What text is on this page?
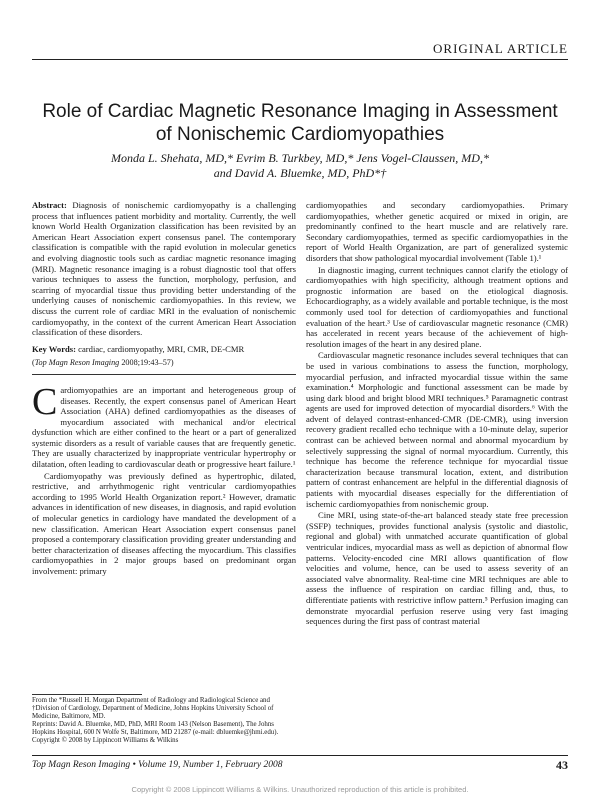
ORIGINAL ARTICLE
Role of Cardiac Magnetic Resonance Imaging in Assessment of Nonischemic Cardiomyopathies
Monda L. Shehata, MD,* Evrim B. Turkbey, MD,* Jens Vogel-Claussen, MD,*
and David A. Bluemke, MD, PhD*†

Abstract: Diagnosis of nonischemic cardiomyopathy is a challenging process that influences patient morbidity and mortality. Currently, the well known World Health Organization classification has been revisited by an American Heart Association expert consensus panel. The contemporary classification is compatible with the rapid evolution in molecular genetics and evolving diagnostic tools such as cardiac magnetic resonance imaging (MRI). Magnetic resonance imaging is a robust diagnostic tool that offers various techniques to assess the function, morphology, perfusion, and scarring of myocardial tissue thus providing better understanding of the underlying causes of nonischemic cardiomyopathies. In this review, we discuss the current role of cardiac MRI in the evaluation of nonischemic cardiomyopathy, in the context of the current American Heart Association classification of these disorders.

Key Words: cardiac, cardiomyopathy, MRI, CMR, DE-CMR

(Top Magn Reson Imaging 2008;19:43–57)

Cardiomyopathies are an important and heterogeneous group of diseases. Recently, the expert consensus panel of American Heart Association (AHA) defined cardiomyopathies as the diseases of myocardium associated with mechanical and/or electrical dysfunction which are either confined to the heart or a part of generalized systemic disorders as a result of variable causes that are frequently genetic. They are usually characterized by inappropriate ventricular hypertrophy or dilatation, often leading to cardiovascular death or progressive heart failure.¹

Cardiomyopathy was previously defined as hypertrophic, dilated, restrictive, and arrhythmogenic right ventricular cardiomyopathies according to 1995 World Health Organization report.² However, dramatic advances in identification of new diseases, in diagnosis, and rapid evolution of molecular genetics in cardiology have mandated the development of a new classification. American Heart Association expert consensus panel proposed a contemporary classification providing greater understanding and better characterization of diseases affecting the myocardium. This classifies cardiomyopathies in 2 major groups based on predominant organ involvement: primary

From the *Russell H. Morgan Department of Radiology and Radiological Science and †Division of Cardiology, Department of Medicine, Johns Hopkins University School of Medicine, Baltimore, MD.

Reprints: David A. Bluemke, MD, PhD, MRI Room 143 (Nelson Basement), The Johns Hopkins Hospital, 600 N Wolfe St, Baltimore, MD 21287 (e-mail: dbluemke@jhmi.edu).

Copyright © 2008 by Lippincott Williams & Wilkins

cardiomyopathies and secondary cardiomyopathies. Primary cardiomyopathies, whether genetic acquired or mixed in origin, are predominantly confined to the heart muscle and are relatively rare. Secondary cardiomyopathies, termed as specific cardiomyopathies in the report of World Health Organization, are part of generalized systemic disorders that show pathological myocardial involvement (Table 1).¹

In diagnostic imaging, current techniques cannot clarify the etiology of cardiomyopathies with high specificity, although treatment options and prognostic information are based on the etiological diagnosis. Echocardiography, as a widely available and portable technique, is the most commonly used tool for detection of cardiomyopathies and functional evaluation of the heart.³ Use of cardiovascular magnetic resonance (CMR) has accelerated in recent years because of the achievement of high-resolution images of the heart in any desired plane.

Cardiovascular magnetic resonance includes several techniques that can be used in various combinations to assess the function, morphology, myocardial perfusion, and infracted myocardial tissue within the same examination.⁴ Morphologic and functional assessment can be made by using dark blood and bright blood MRI techniques.⁵ Paramagnetic contrast agents are used for improved detection of myocardial disorders.⁶ With the advent of delayed contrast-enhanced-CMR (DE-CMR), using inversion recovery gradient recalled echo technique with a 10-minute delay, superior contrast can be achieved between normal and abnormal myocardium by selectively suppressing the signal of normal myocardium. Currently, this technique has become the reference technique for myocardial tissue characterization because transmural location, extent, and distribution pattern of contrast enhancement are helpful in the differential diagnosis of patients with myocardial diseases especially for the differentiation of ischemic cardiomyopathies from nonischemic group.

Cine MRI, using state-of-the-art balanced steady state free precession (SSFP) techniques, provides functional analysis (systolic and diastolic, regional and global) with unmatched accurate quantification of global ventricular indices, myocardial mass as well as depiction of abnormal flow patterns. Velocity-encoded cine MRI allows quantification of flow velocities and volume, hence, can be used to assess severity of an associated valve abnormality. Real-time cine MRI techniques are able to assess the influence of respiration on cardiac filling and, thus, to differentiate patients with restrictive inflow pattern.⁵ Perfusion imaging can demonstrate myocardial perfusion reserve using very fast imaging sequences during the first pass of contrast material

Top Magn Reson Imaging • Volume 19, Number 1, February 2008	43
Copyright © 2008 Lippincott Williams & Wilkins. Unauthorized reproduction of this article is prohibited.
